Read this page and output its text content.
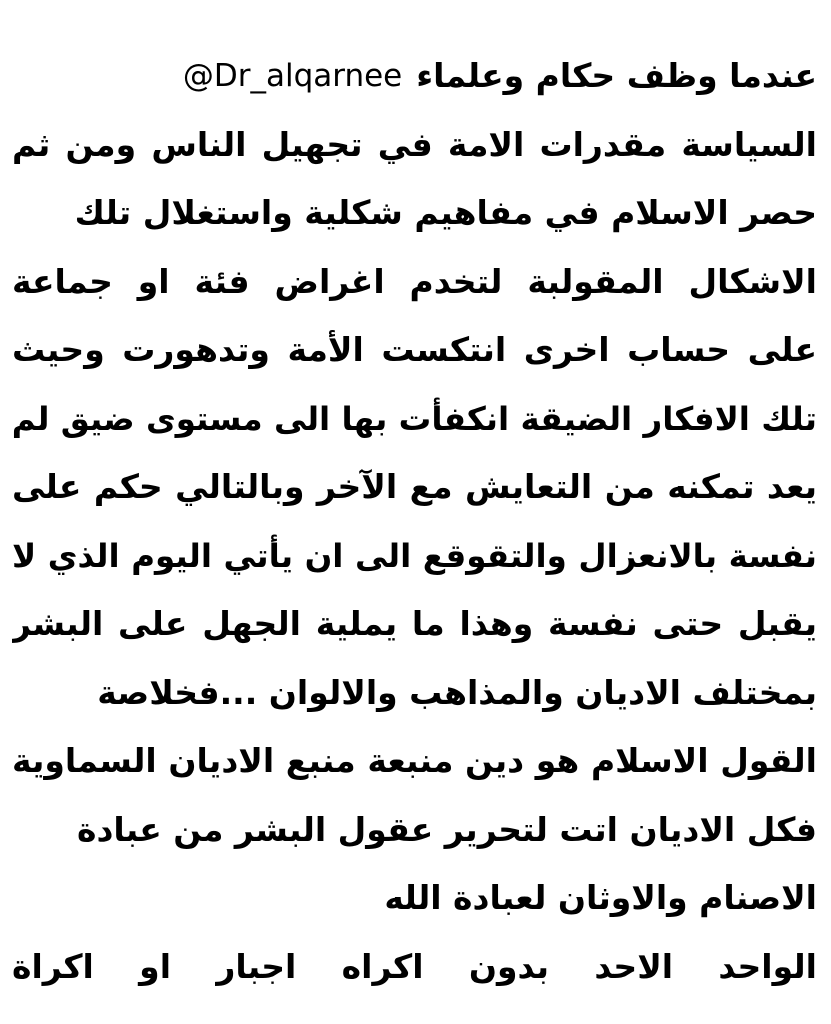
عندما وظف حكام وعلماء
@Dr_alqarnee
السياسة مقدرات الامة في تجهيل الناس ومن ثم
حصر الاسلام في مفاهيم شكلية واستغلال تلك
الاشكال المقولبة لتخدم اغراض فئة او جماعة
على حساب اخرى انتكست الأمة وتدهورت وحيث
تلك الافكار الضيقة انكفأت بها الى مستوى ضيق لم
يعد تمكنه من التعايش مع الآخر وبالتالي حكم على
نفسة بالانعزال والتقوقع الى ان يأتي اليوم الذي لا
يقبل حتى نفسة وهذا ما يملية الجهل على البشر
بمختلف الاديان والمذاهب والالوان ...فخلاصة
القول الاسلام هو دين منبعة منبع الاديان السماوية
فكل الاديان اتت لتحرير عقول البشر من عبادة
الاصنام والاوثان لعبادة الله
الواحد الاحد بدون اكراه اجبار او اكراة
